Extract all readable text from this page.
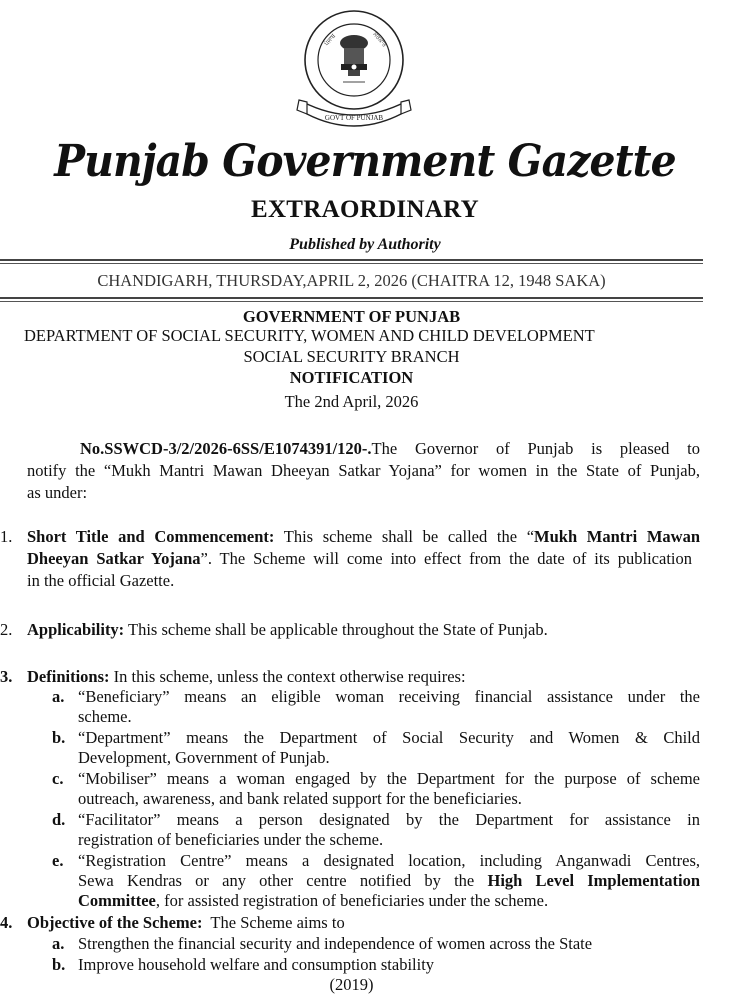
GOVT OF PUNJAB
ਪੰਜਾਬ	ਸਰਕਾਰ
Punjab Government Gazette
EXTRAORDINARY
Published by Authority
CHANDIGARH, THURSDAY,APRIL 2, 2026 (CHAITRA 12, 1948 SAKA)
GOVERNMENT OF PUNJAB
DEPARTMENT OF SOCIAL SECURITY, WOMEN AND CHILD DEVELOPMENT
SOCIAL SECURITY BRANCH
NOTIFICATION
The 2nd April, 2026
No.SSWCD-3/2/2026-6SS/E1074391/120-.The Governor of Punjab is pleased to
notify the “Mukh Mantri Mawan Dheeyan Satkar Yojana” for women in the State of Punjab,
as under:
1. Short Title and Commencement: This scheme shall be called the “Mukh Mantri Mawan
Dheeyan Satkar Yojana”. The Scheme will come into effect from the date of its publication
in the official Gazette.
2. Applicability: This scheme shall be applicable throughout the State of Punjab.
3. Definitions: In this scheme, unless the context otherwise requires:
a. “Beneficiary” means an eligible woman receiving financial assistance under the
scheme.
b. “Department” means the Department of Social Security and Women & Child
Development, Government of Punjab.
c. “Mobiliser” means a woman engaged by the Department for the purpose of scheme
outreach, awareness, and bank related support for the beneficiaries.
d. “Facilitator” means a person designated by the Department for assistance in
registration of beneficiaries under the scheme.
e. “Registration Centre” means a designated location, including Anganwadi Centres,
Sewa Kendras or any other centre notified by the High Level Implementation
Committee, for assisted registration of beneficiaries under the scheme.
4. Objective of the Scheme:  The Scheme aims to
a. Strengthen the financial security and independence of women across the State
b. Improve household welfare and consumption stability
(2019)
